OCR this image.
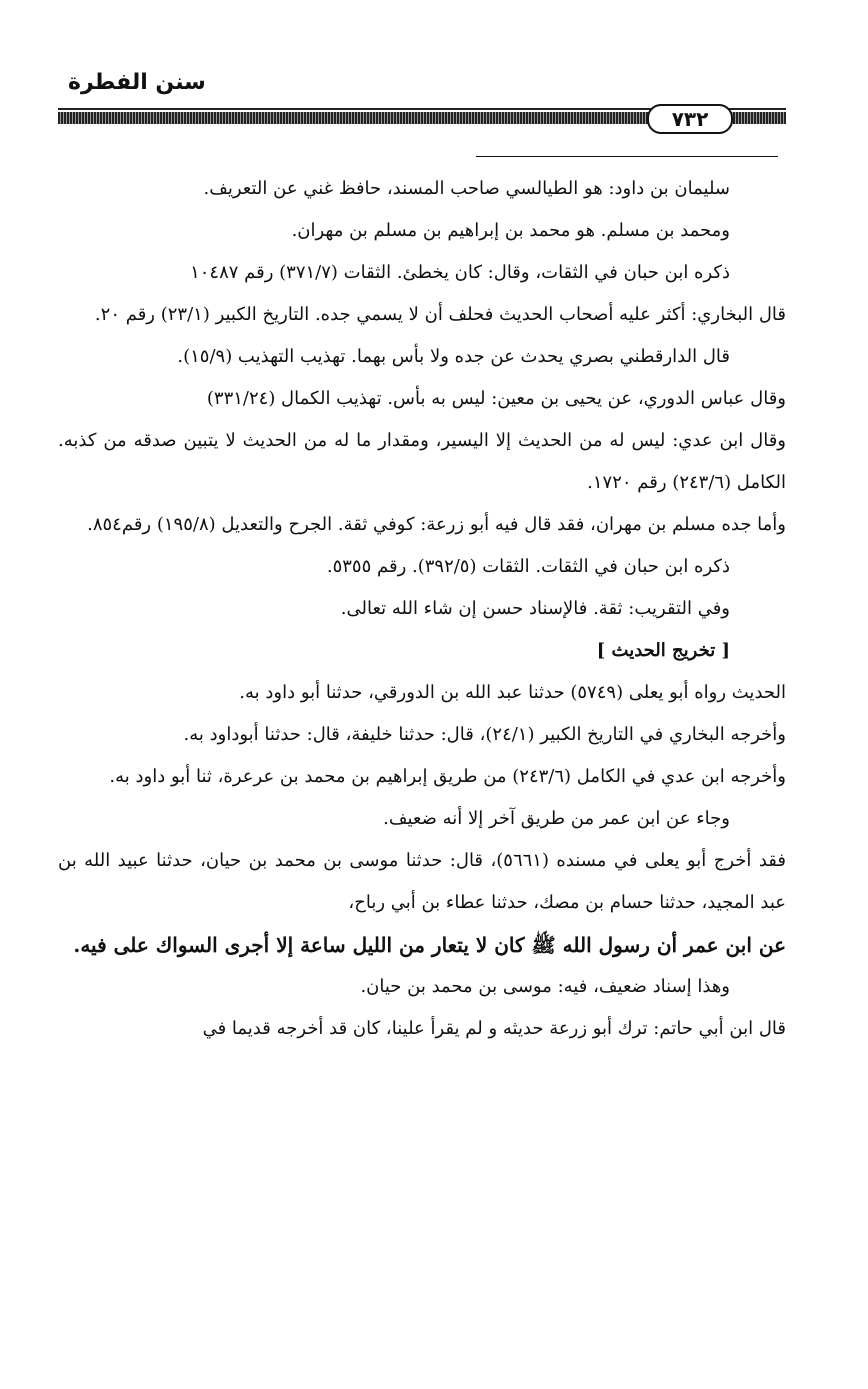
سنن الفطرة
٧٣٢

سليمان بن داود: هو الطيالسي صاحب المسند، حافظ غني عن التعريف.

ومحمد بن مسلم. هو محمد بن إبراهيم بن مسلم بن مهران.

ذكره ابن حبان في الثقات، وقال: كان يخطئ. الثقات (٣٧١/٧) رقم ١٠٤٨٧

قال البخاري: أكثر عليه أصحاب الحديث فحلف أن لا يسمي جده. التاريخ الكبير (٢٣/١) رقم ٢٠.

قال الدارقطني بصري يحدث عن جده ولا بأس بهما. تهذيب التهذيب (١٥/٩).

وقال عباس الدوري، عن يحيى بن معين: ليس به بأس. تهذيب الكمال (٣٣١/٢٤)

وقال ابن عدي: ليس له من الحديث إلا اليسير، ومقدار ما له من الحديث لا يتبين صدقه من كذبه. الكامل (٢٤٣/٦) رقم ١٧٢٠.

وأما جده مسلم بن مهران، فقد قال فيه أبو زرعة: كوفي ثقة. الجرح والتعديل (١٩٥/٨) رقم٨٥٤.

ذكره ابن حبان في الثقات. الثقات (٣٩٢/٥). رقم ٥٣٥٥.

وفي التقريب: ثقة. فالإسناد حسن إن شاء الله تعالى.

[ تخريج الحديث ]

الحديث رواه أبو يعلى (٥٧٤٩) حدثنا عبد الله بن الدورقي، حدثنا أبو داود به.

وأخرجه البخاري في التاريخ الكبير (٢٤/١)، قال: حدثنا خليفة، قال: حدثنا أبوداود به.

وأخرجه ابن عدي في الكامل (٢٤٣/٦) من طريق إبراهيم بن محمد بن عرعرة، ثنا أبو داود به.

وجاء عن ابن عمر من طريق آخر إلا أنه ضعيف.

فقد أخرج أبو يعلى في مسنده (٥٦٦١)، قال: حدثنا موسى بن محمد بن حيان، حدثنا عبيد الله بن عبد المجيد، حدثنا حسام بن مصك، حدثنا عطاء بن أبي رباح،

عن ابن عمر أن رسول الله ﷺ كان لا يتعار من الليل ساعة إلا أجرى السواك على فيه.

وهذا إسناد ضعيف، فيه: موسى بن محمد بن حيان.

قال ابن أبي حاتم: ترك أبو زرعة حديثه و لم يقرأ علينا، كان قد أخرجه قديما في
